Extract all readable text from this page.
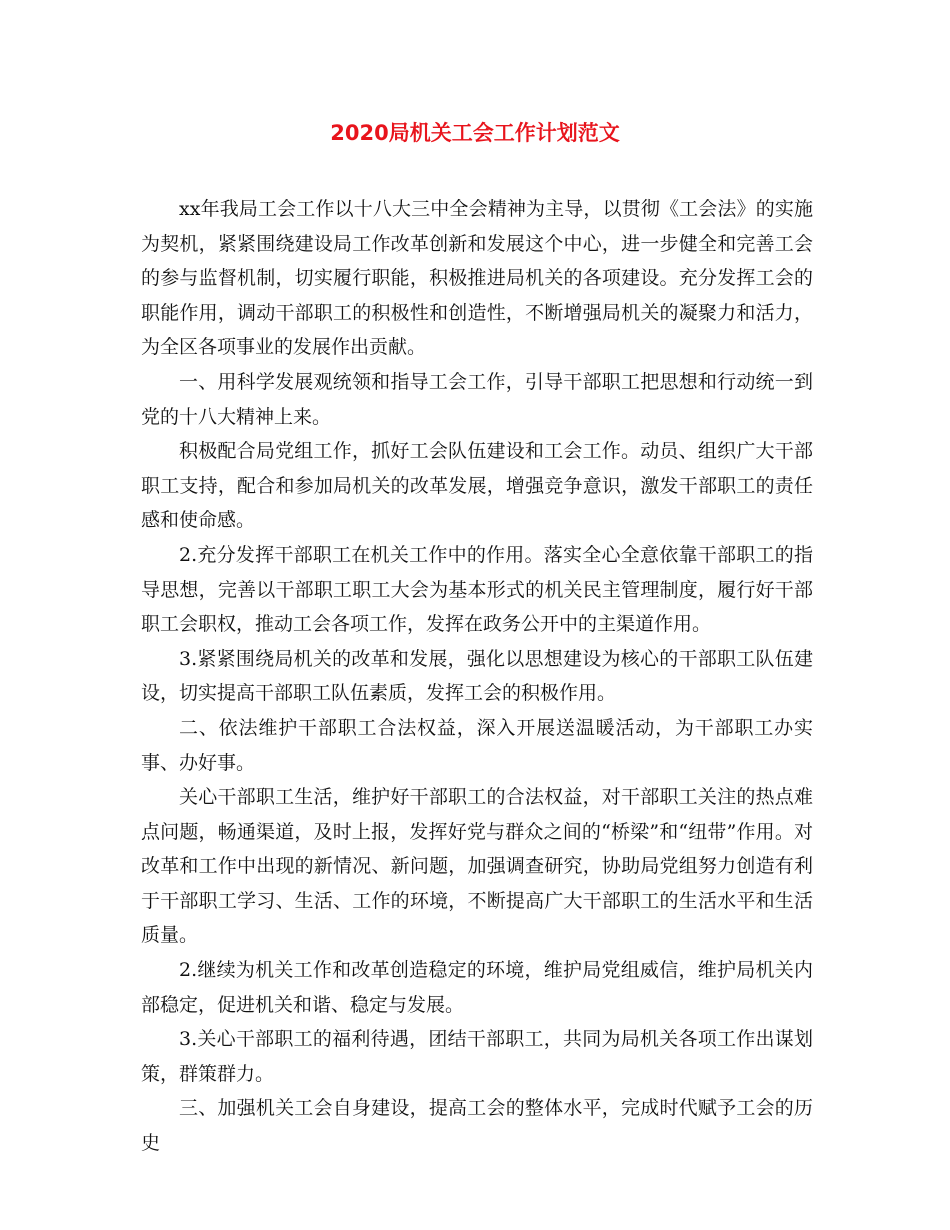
2020局机关工会工作计划范文

xx年我局工会工作以十八大三中全会精神为主导，以贯彻《工会法》的实施为契机，紧紧围绕建设局工作改革创新和发展这个中心，进一步健全和完善工会的参与监督机制，切实履行职能，积极推进局机关的各项建设。充分发挥工会的职能作用，调动干部职工的积极性和创造性，不断增强局机关的凝聚力和活力，为全区各项事业的发展作出贡献。

一、用科学发展观统领和指导工会工作，引导干部职工把思想和行动统一到党的十八大精神上来。

积极配合局党组工作，抓好工会队伍建设和工会工作。动员、组织广大干部职工支持，配合和参加局机关的改革发展，增强竞争意识，激发干部职工的责任感和使命感。

2.充分发挥干部职工在机关工作中的作用。落实全心全意依靠干部职工的指导思想，完善以干部职工职工大会为基本形式的机关民主管理制度，履行好干部职工会职权，推动工会各项工作，发挥在政务公开中的主渠道作用。

3.紧紧围绕局机关的改革和发展，强化以思想建设为核心的干部职工队伍建设，切实提高干部职工队伍素质，发挥工会的积极作用。

二、依法维护干部职工合法权益，深入开展送温暖活动，为干部职工办实事、办好事。

关心干部职工生活，维护好干部职工的合法权益，对干部职工关注的热点难点问题，畅通渠道，及时上报，发挥好党与群众之间的“桥梁”和“纽带”作用。对改革和工作中出现的新情况、新问题，加强调查研究，协助局党组努力创造有利于干部职工学习、生活、工作的环境，不断提高广大干部职工的生活水平和生活质量。

2.继续为机关工作和改革创造稳定的环境，维护局党组威信，维护局机关内部稳定，促进机关和谐、稳定与发展。

3.关心干部职工的福利待遇，团结干部职工，共同为局机关各项工作出谋划策，群策群力。

三、加强机关工会自身建设，提高工会的整体水平，完成时代赋予工会的历史
